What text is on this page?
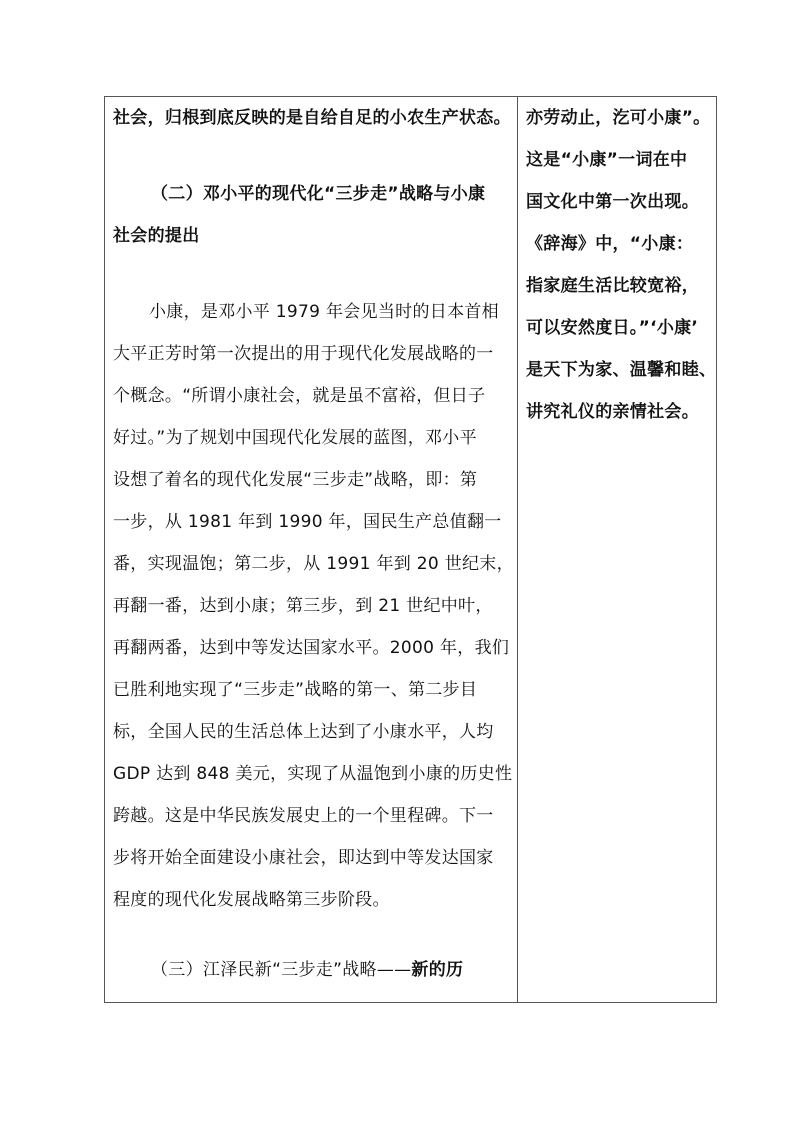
社会，归根到底反映的是自给自足的小农生产状态。
（二）邓小平的现代化“三步走”战略与小康
社会的提出
小康，是邓小平 1979 年会见当时的日本首相
大平正芳时第一次提出的用于现代化发展战略的一
个概念。“所谓小康社会，就是虽不富裕，但日子
好过。”为了规划中国现代化发展的蓝图，邓小平
设想了着名的现代化发展“三步走”战略，即：第
一步，从 1981 年到 1990 年，国民生产总值翻一
番，实现温饱；第二步，从 1991 年到 20 世纪末，
再翻一番，达到小康；第三步，到 21 世纪中叶，
再翻两番，达到中等发达国家水平。2000 年，我们
已胜利地实现了“三步走”战略的第一、第二步目
标，全国人民的生活总体上达到了小康水平，人均
GDP 达到 848 美元，实现了从温饱到小康的历史性
跨越。这是中华民族发展史上的一个里程碑。下一
步将开始全面建设小康社会，即达到中等发达国家
程度的现代化发展战略第三步阶段。
（三）江泽民新“三步走”战略——新的历
亦劳动止，汔可小康”。
这是“小康”一词在中
国文化中第一次出现。
《辞海》中，“小康：
指家庭生活比较宽裕，
可以安然度日。”‘小康’
是天下为家、温馨和睦、
讲究礼仪的亲情社会。
